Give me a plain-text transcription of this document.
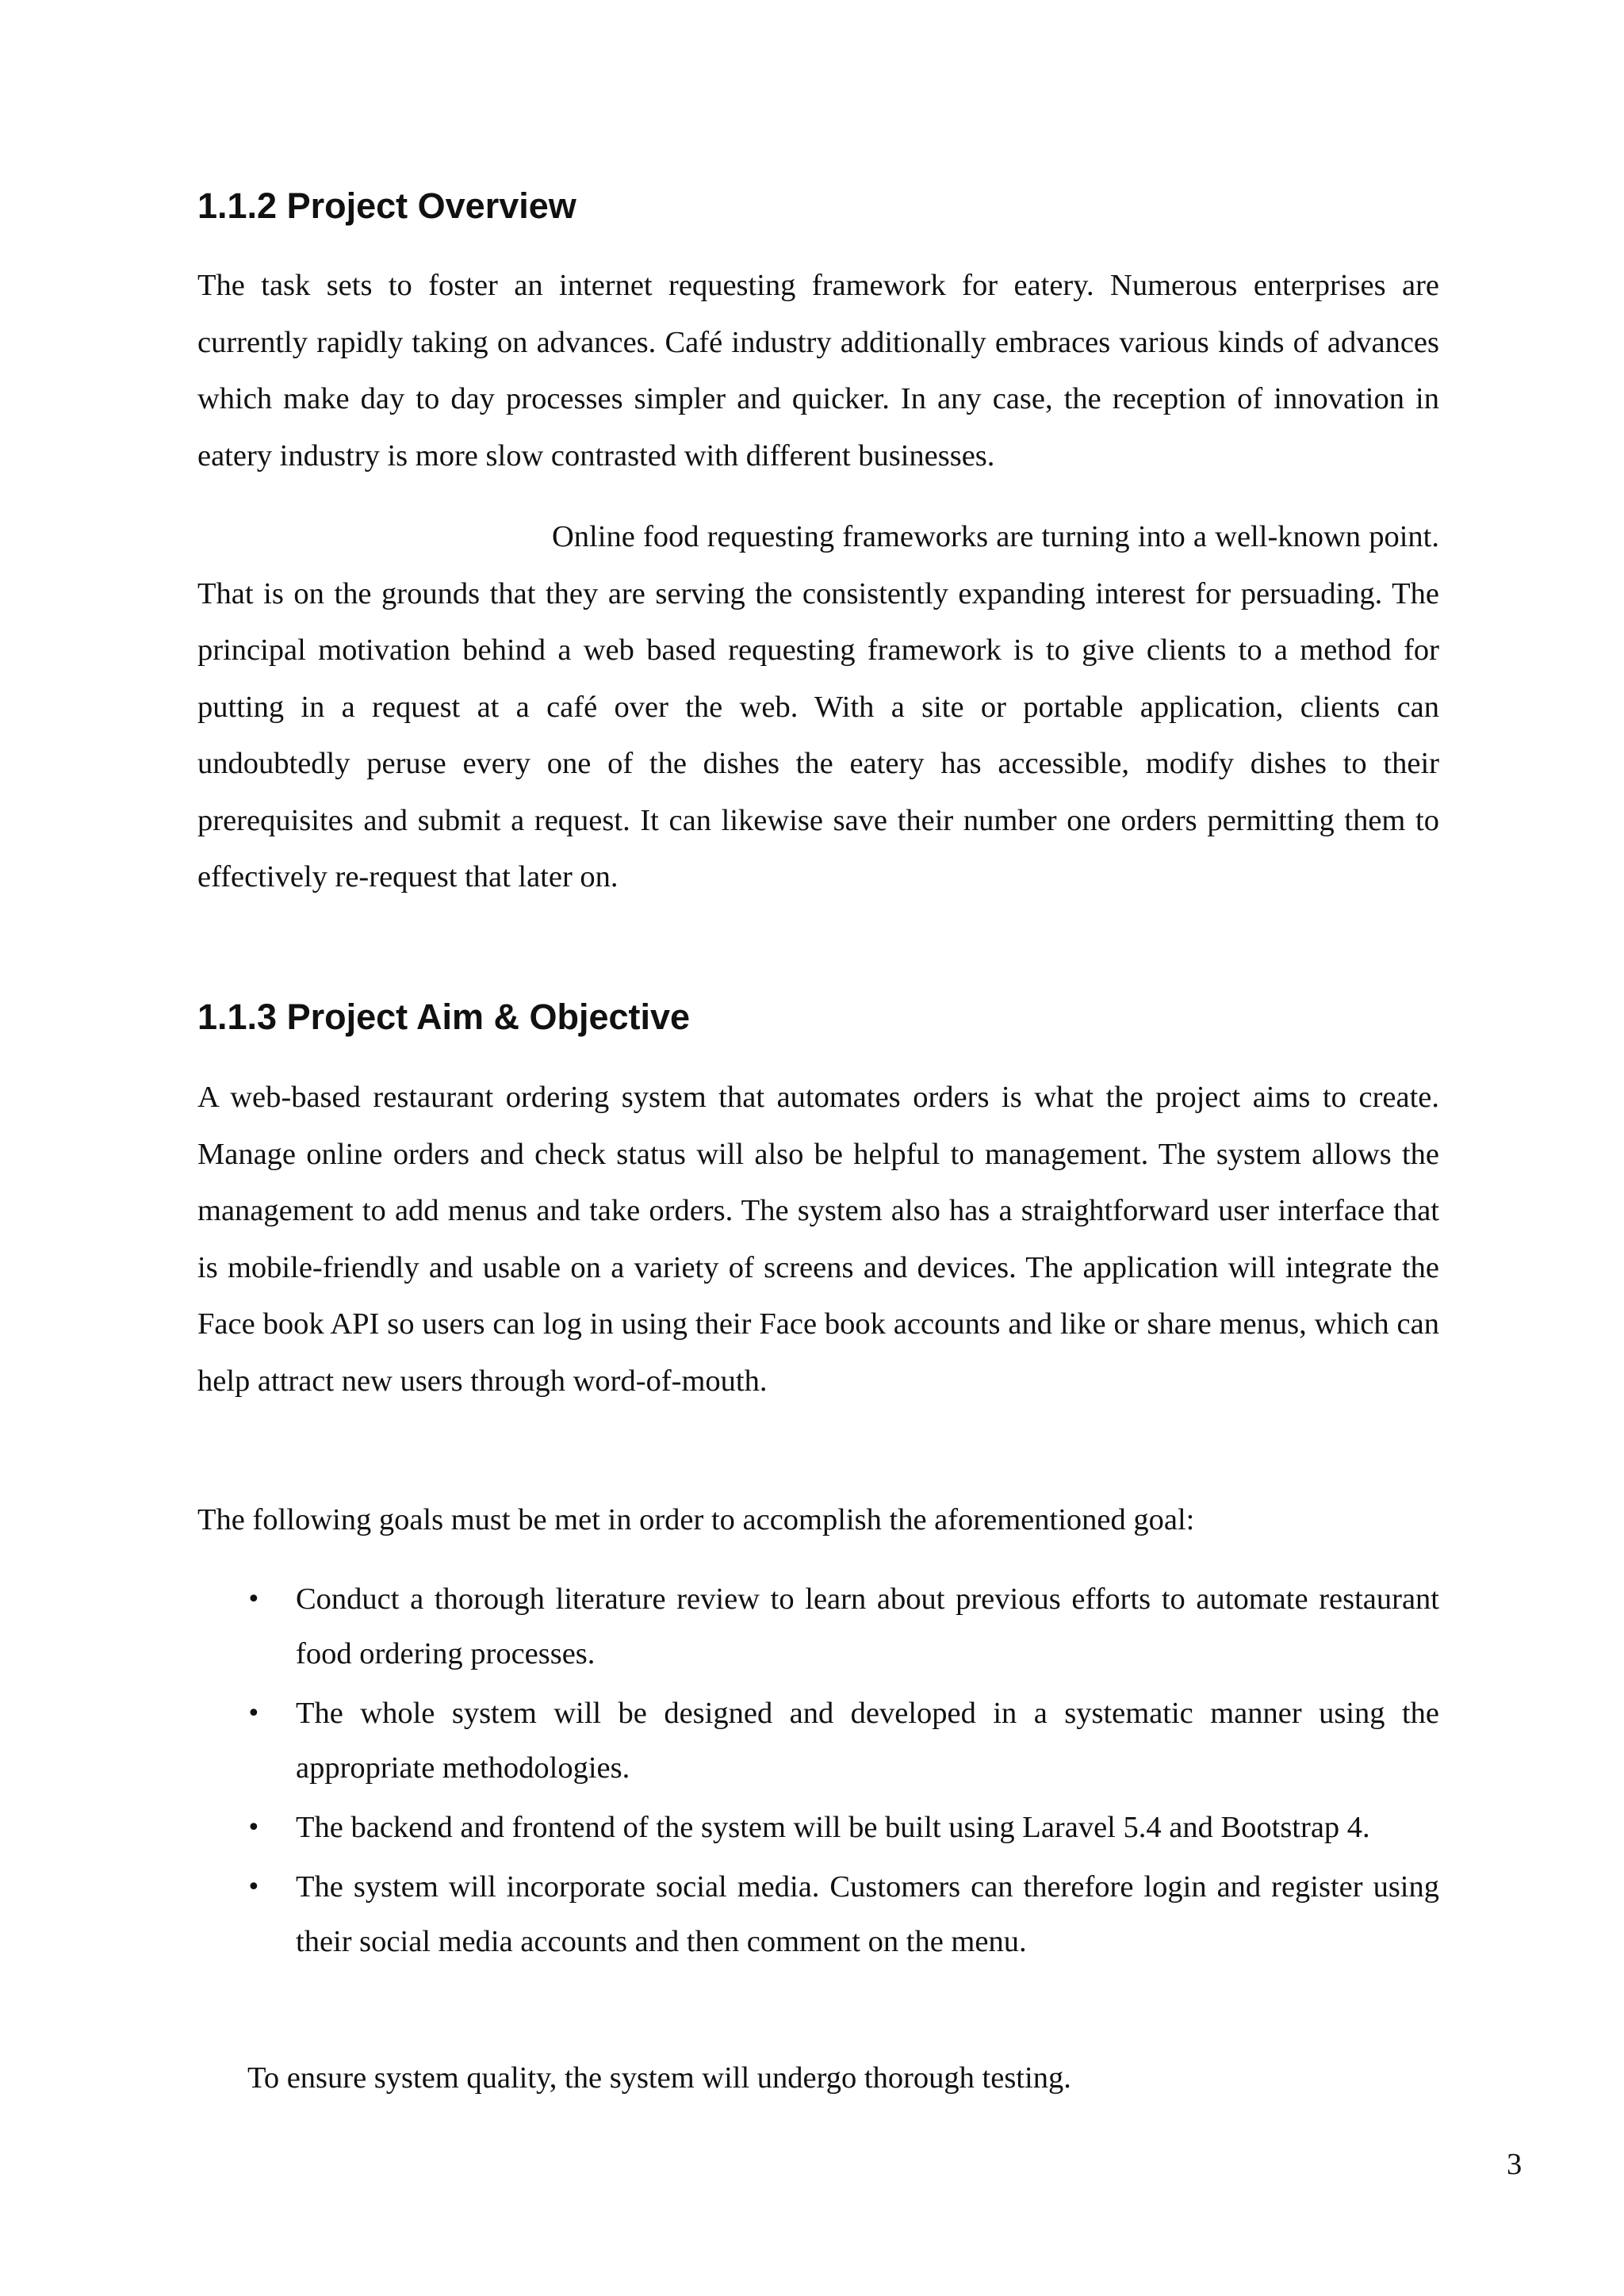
1.1.2 Project Overview

The task sets to foster an internet requesting framework for eatery. Numerous enterprises are currently rapidly taking on advances. Café industry additionally embraces various kinds of advances which make day to day processes simpler and quicker. In any case, the reception of innovation in eatery industry is more slow contrasted with different businesses.

Online food requesting frameworks are turning into a well-known point. That is on the grounds that they are serving the consistently expanding interest for persuading. The principal motivation behind a web based requesting framework is to give clients to a method for putting in a request at a café over the web. With a site or portable application, clients can undoubtedly peruse every one of the dishes the eatery has accessible, modify dishes to their prerequisites and submit a request. It can likewise save their number one orders permitting them to effectively re-request that later on.

1.1.3 Project Aim & Objective

A web-based restaurant ordering system that automates orders is what the project aims to create. Manage online orders and check status will also be helpful to management. The system allows the management to add menus and take orders. The system also has a straightforward user interface that is mobile-friendly and usable on a variety of screens and devices. The application will integrate the Face book API so users can log in using their Face book accounts and like or share menus, which can help attract new users through word-of-mouth.

The following goals must be met in order to accomplish the aforementioned goal:

• Conduct a thorough literature review to learn about previous efforts to automate restaurant food ordering processes.
• The whole system will be designed and developed in a systematic manner using the appropriate methodologies.
• The backend and frontend of the system will be built using Laravel 5.4 and Bootstrap 4.
• The system will incorporate social media. Customers can therefore login and register using their social media accounts and then comment on the menu.

To ensure system quality, the system will undergo thorough testing.

3
